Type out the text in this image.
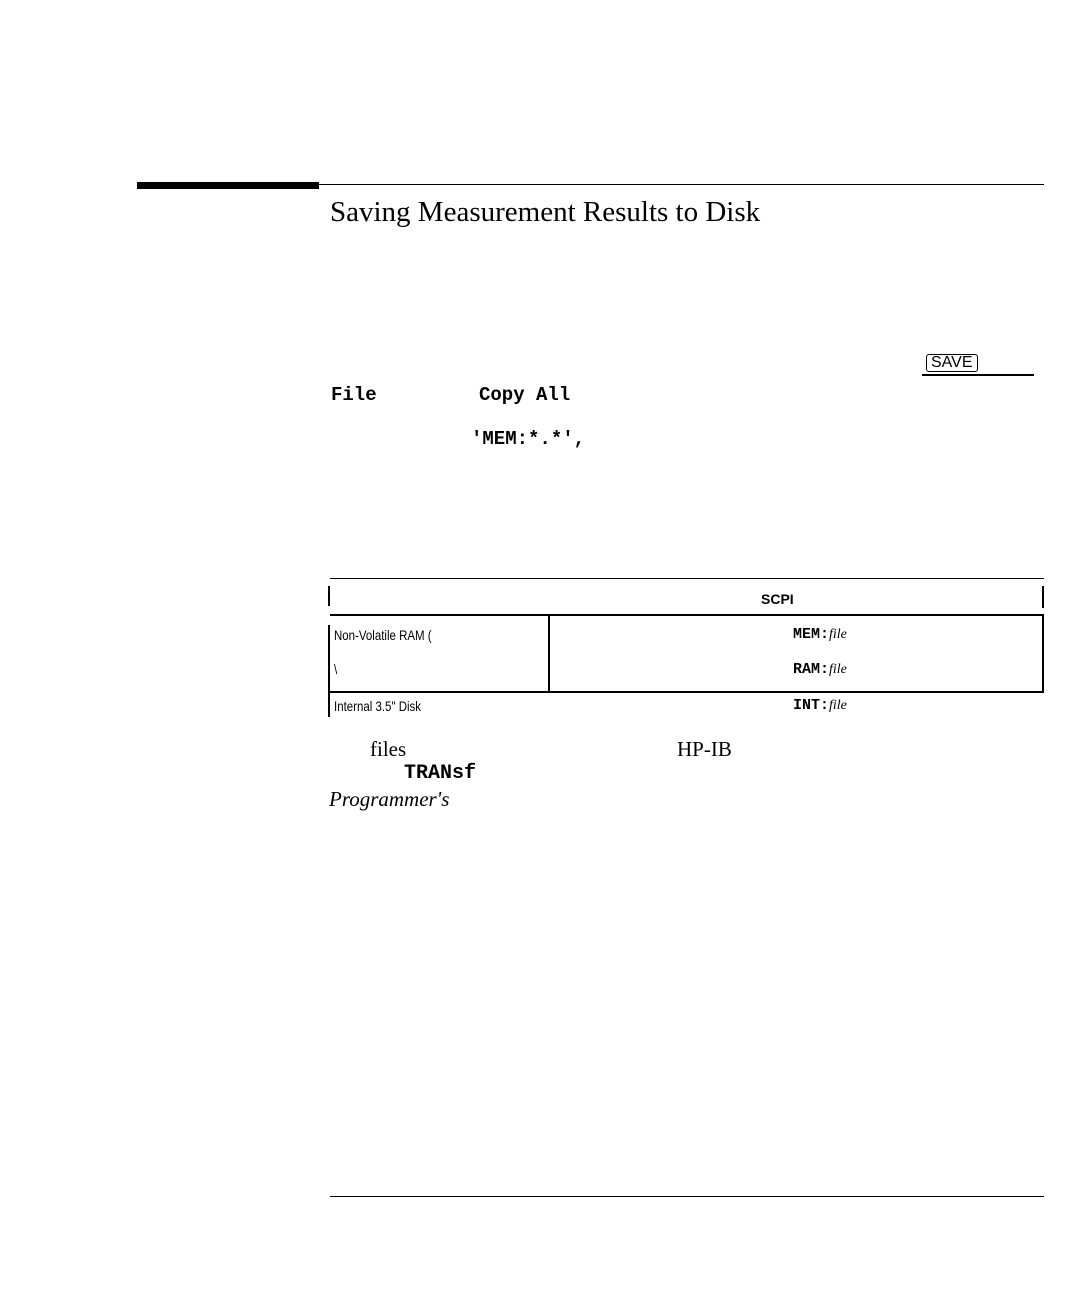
Saving Measurement Results to Disk
SAVE
File	Copy All
'MEM:*.*',
SCPI
Non-Volatile RAM (	MEM:file
\	RAM:file
Internal 3.5" Disk	INT:file
files	HP-IB
TRANsf
Programmer's
